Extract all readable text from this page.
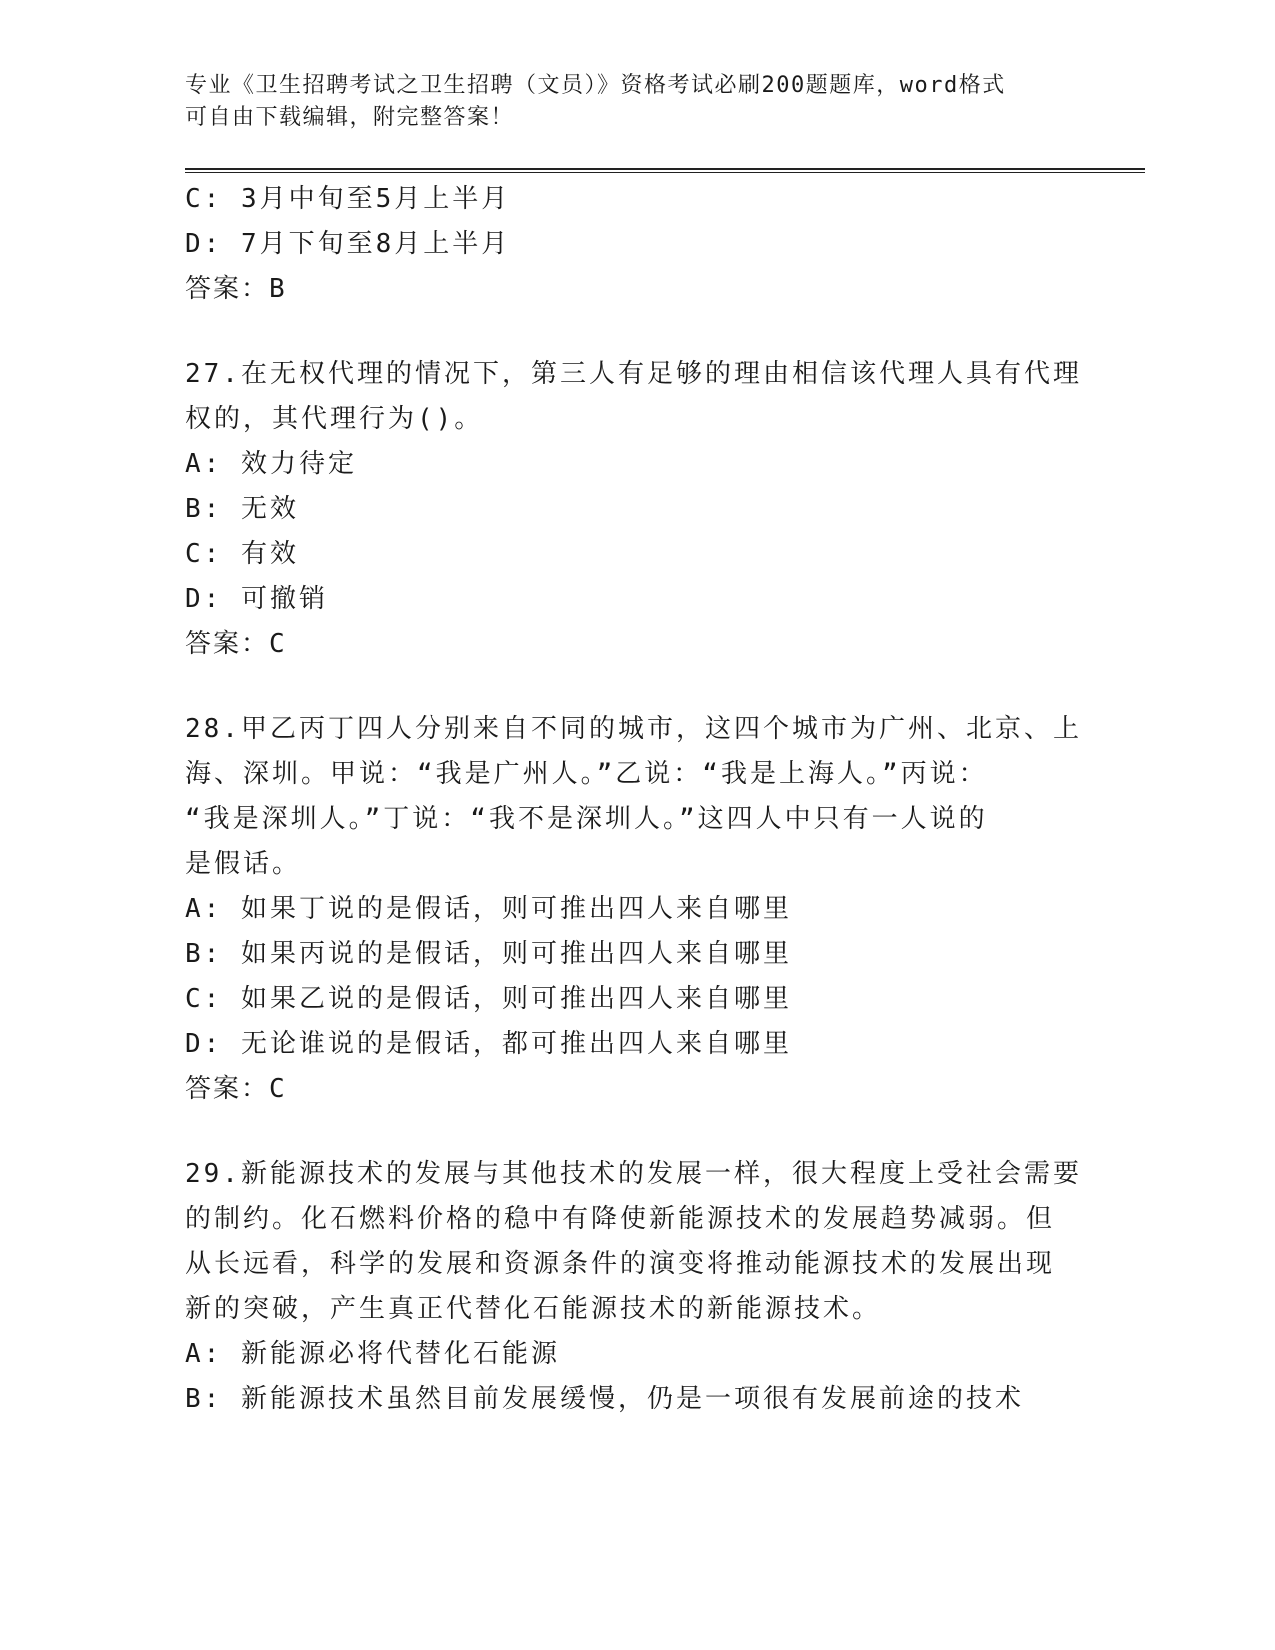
专业《卫生招聘考试之卫生招聘（文员）》资格考试必刷200题题库，word格式

可自由下载编辑，附完整答案！

C: 3月中旬至5月上半月

D: 7月下旬至8月上半月

答案：B

27.在无权代理的情况下，第三人有足够的理由相信该代理人具有代理

权的，其代理行为()。

A: 效力待定

B: 无效

C: 有效

D: 可撤销

答案：C

28.甲乙丙丁四人分别来自不同的城市，这四个城市为广州、北京、上

海、深圳。甲说：“我是广州人。”乙说：“我是上海人。”丙说：

“我是深圳人。”丁说：“我不是深圳人。”这四人中只有一人说的

是假话。

A: 如果丁说的是假话，则可推出四人来自哪里

B: 如果丙说的是假话，则可推出四人来自哪里

C: 如果乙说的是假话，则可推出四人来自哪里

D: 无论谁说的是假话，都可推出四人来自哪里

答案：C

29.新能源技术的发展与其他技术的发展一样，很大程度上受社会需要

的制约。化石燃料价格的稳中有降使新能源技术的发展趋势减弱。但

从长远看，科学的发展和资源条件的演变将推动能源技术的发展出现

新的突破，产生真正代替化石能源技术的新能源技术。

A: 新能源必将代替化石能源

B: 新能源技术虽然目前发展缓慢，仍是一项很有发展前途的技术
